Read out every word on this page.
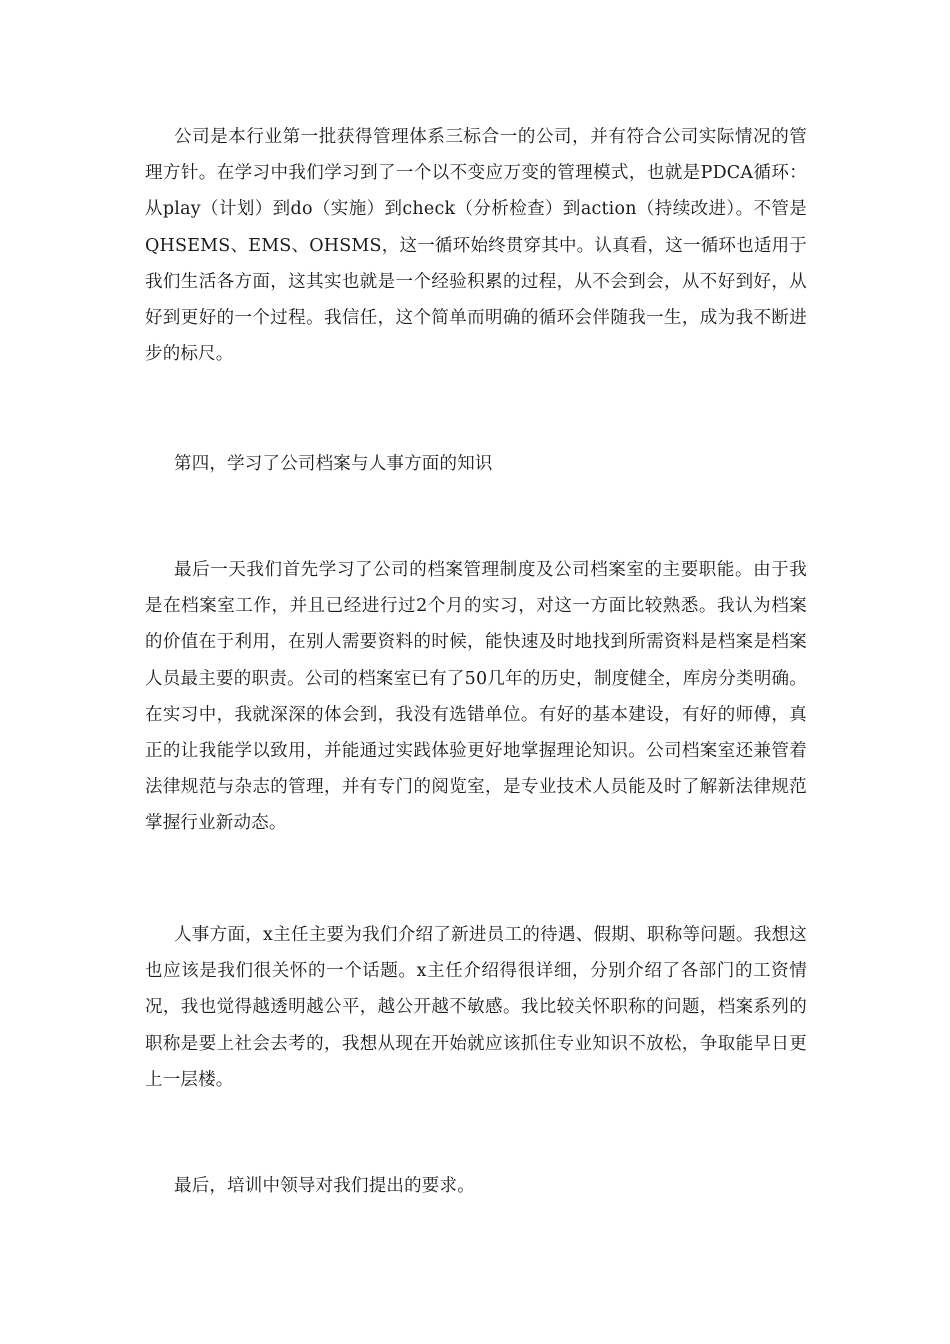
公司是本行业第一批获得管理体系三标合一的公司，并有符合公司实际情况的管理方针。在学习中我们学习到了一个以不变应万变的管理模式，也就是PDCA循环：从play（计划）到do（实施）到check（分析检查）到action（持续改进）。不管是QHSEMS、EMS、OHSMS，这一循环始终贯穿其中。认真看，这一循环也适用于我们生活各方面，这其实也就是一个经验积累的过程，从不会到会，从不好到好，从好到更好的一个过程。我信任，这个简单而明确的循环会伴随我一生，成为我不断进步的标尺。

第四，学习了公司档案与人事方面的知识

最后一天我们首先学习了公司的档案管理制度及公司档案室的主要职能。由于我是在档案室工作，并且已经进行过2个月的实习，对这一方面比较熟悉。我认为档案的价值在于利用，在别人需要资料的时候，能快速及时地找到所需资料是档案是档案人员最主要的职责。公司的档案室已有了50几年的历史，制度健全，库房分类明确。在实习中，我就深深的体会到，我没有选错单位。有好的基本建设，有好的师傅，真正的让我能学以致用，并能通过实践体验更好地掌握理论知识。公司档案室还兼管着法律规范与杂志的管理，并有专门的阅览室，是专业技术人员能及时了解新法律规范掌握行业新动态。

人事方面，x主任主要为我们介绍了新进员工的待遇、假期、职称等问题。我想这也应该是我们很关怀的一个话题。x主任介绍得很详细，分别介绍了各部门的工资情况，我也觉得越透明越公平，越公开越不敏感。我比较关怀职称的问题，档案系列的职称是要上社会去考的，我想从现在开始就应该抓住专业知识不放松，争取能早日更上一层楼。

最后，培训中领导对我们提出的要求。
